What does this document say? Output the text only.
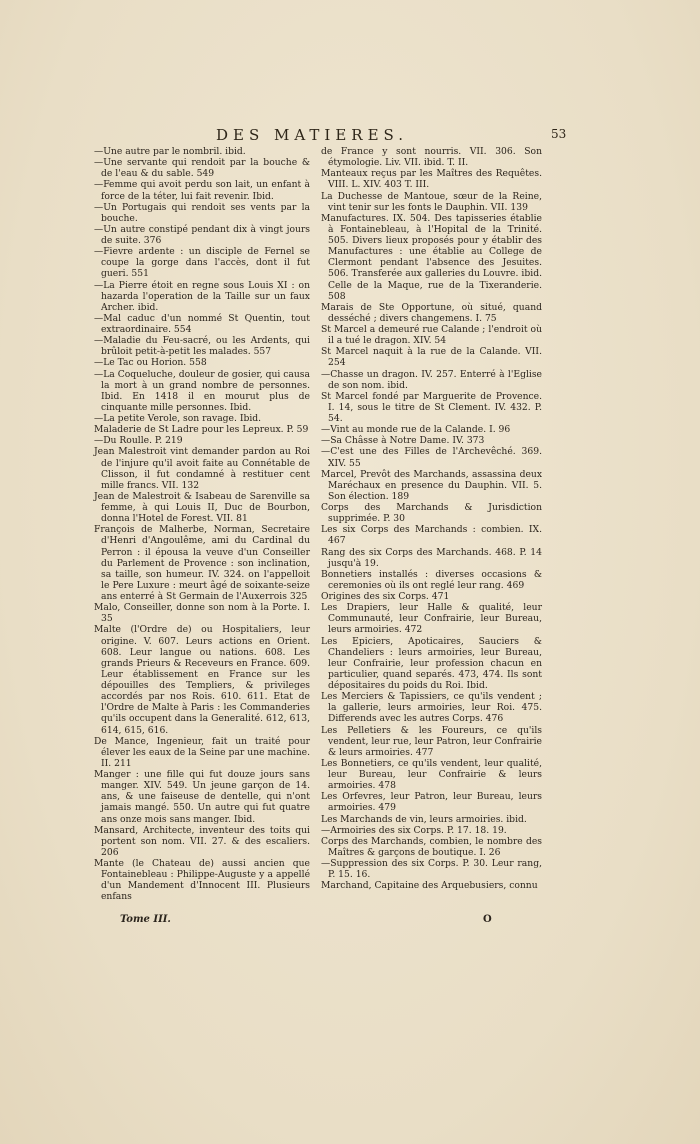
DES MATIERES.	53

—Une autre par le nombril. ibid.

—Une servante qui rendoit par la bouche & de l'eau & du sable. 549

—Femme qui avoit perdu son lait, un enfant à force de la téter, lui fait revenir. Ibid.

—Un Portugais qui rendoit ses vents par la bouche.

—Un autre constipé pendant dix à vingt jours de suite. 376

—Fievre ardente : un disciple de Fernel se coupe la gorge dans l'accès, dont il fut gueri. 551

—La Pierre étoit en regne sous Louis XI : on hazarda l'operation de la Taille sur un faux Archer. ibid.

—Mal caduc d'un nommé St Quentin, tout extraordinaire. 554

—Maladie du Feu-sacré, ou les Ardents, qui brûloit petit-à-petit les malades. 557

—Le Tac ou Horion. 558

—La Coqueluche, douleur de gosier, qui causa la mort à un grand nombre de personnes. Ibid. En 1418 il en mourut plus de cinquante mille personnes. Ibid.

—La petite Verole, son ravage. Ibid.

Maladerie de St Ladre pour les Lepreux. P. 59

—Du Roulle. P. 219

Jean Malestroit vint demander pardon au Roi de l'injure qu'il avoit faite au Connétable de Clisson, il fut condamné à restituer cent mille francs. VII. 132

Jean de Malestroit & Isabeau de Sarenville sa femme, à qui Louis II, Duc de Bourbon, donna l'Hotel de Forest. VII. 81

François de Malherbe, Norman, Secretaire d'Henri d'Angoulême, ami du Cardinal du Perron : il épousa la veuve d'un Conseiller du Parlement de Provence : son inclination, sa taille, son humeur. IV. 324. on l'appelloit le Pere Luxure : meurt âgé de soixante-seize ans enterré à St Germain de l'Auxerrois 325

Malo, Conseiller, donne son nom à la Porte. I. 35

Malte (l'Ordre de) ou Hospitaliers, leur origine. V. 607. Leurs actions en Orient. 608. Leur langue ou nations. 608. Les grands Prieurs & Receveurs en France. 609. Leur établissement en France sur les dépouilles des Templiers, & privileges accordés par nos Rois. 610. 611. Etat de l'Ordre de Malte à Paris : les Commanderies qu'ils occupent dans la Generalité. 612, 613, 614, 615, 616.

De Mance, Ingenieur, fait un traité pour élever les eaux de la Seine par une machine. II. 211

Manger : une fille qui fut douze jours sans manger. XIV. 549. Un jeune garçon de 14. ans, & une faiseuse de dentelle, qui n'ont jamais mangé. 550. Un autre qui fut quatre ans onze mois sans manger. Ibid.

Mansard, Architecte, inventeur des toits qui portent son nom. VII. 27. & des escaliers. 206

Mante (le Chateau de) aussi ancien que Fontainebleau : Philippe-Auguste y a appellé d'un Mandement d'Innocent III. Plusieurs enfans

de France y sont nourris. VII. 306. Son étymologie. Liv. VII. ibid. T. II.

Manteaux reçus par les Maîtres des Requêtes. VIII. L. XIV. 403 T. III.

La Duchesse de Mantoue, sœur de la Reine, vint tenir sur les fonts le Dauphin. VII. 139

Manufactures. IX. 504. Des tapisseries établie à Fontainebleau, à l'Hopital de la Trinité. 505. Divers lieux proposés pour y établir des Manufactures : une établie au College de Clermont pendant l'absence des Jesuites. 506. Transferée aux galleries du Louvre. ibid. Celle de la Maque, rue de la Tixeranderie. 508

Marais de Ste Opportune, où situé, quand desséché ; divers changemens. I. 75

St Marcel a demeuré rue Calande ; l'endroit où il a tué le dragon. XIV. 54

St Marcel naquit à la rue de la Calande. VII. 254

—Chasse un dragon. IV. 257. Enterré à l'Eglise de son nom. ibid.

St Marcel fondé par Marguerite de Provence. I. 14, sous le titre de St Clement. IV. 432. P. 54.

—Vint au monde rue de la Calande. I. 96

—Sa Châsse à Notre Dame. IV. 373

—C'est une des Filles de l'Archevêché. 369. XIV. 55

Marcel, Prevôt des Marchands, assassina deux Maréchaux en presence du Dauphin. VII. 5. Son élection. 189

Corps des Marchands & Jurisdiction supprimée. P. 30

Les six Corps des Marchands : combien. IX. 467

Rang des six Corps des Marchands. 468. P. 14 jusqu'à 19.

Bonnetiers installés : diverses occasions & ceremonies où ils ont reglé leur rang. 469

Origines des six Corps. 471

Les Drapiers, leur Halle & qualité, leur Communauté, leur Confrairie, leur Bureau, leurs armoiries. 472

Les Epiciers, Apoticaires, Sauciers & Chandeliers : leurs armoiries, leur Bureau, leur Confrairie, leur profession chacun en particulier, quand separés. 473, 474. Ils sont dépositaires du poids du Roi. Ibid.

Les Merciers & Tapissiers, ce qu'ils vendent ; la gallerie, leurs armoiries, leur Roi. 475. Differends avec les autres Corps. 476

Les Pelletiers & les Foureurs, ce qu'ils vendent, leur rue, leur Patron, leur Confrairie & leurs armoiries. 477

Les Bonnetiers, ce qu'ils vendent, leur qualité, leur Bureau, leur Confrairie & leurs armoiries. 478

Les Orfevres, leur Patron, leur Bureau, leurs armoiries. 479

Les Marchands de vin, leurs armoiries. ibid.

—Armoiries des six Corps. P. 17. 18. 19.

Corps des Marchands, combien, le nombre des Maîtres & garçons de boutique. I. 26

—Suppression des six Corps. P. 30. Leur rang, P. 15. 16.

Marchand, Capitaine des Arquebusiers, connu

Tome III.	O
